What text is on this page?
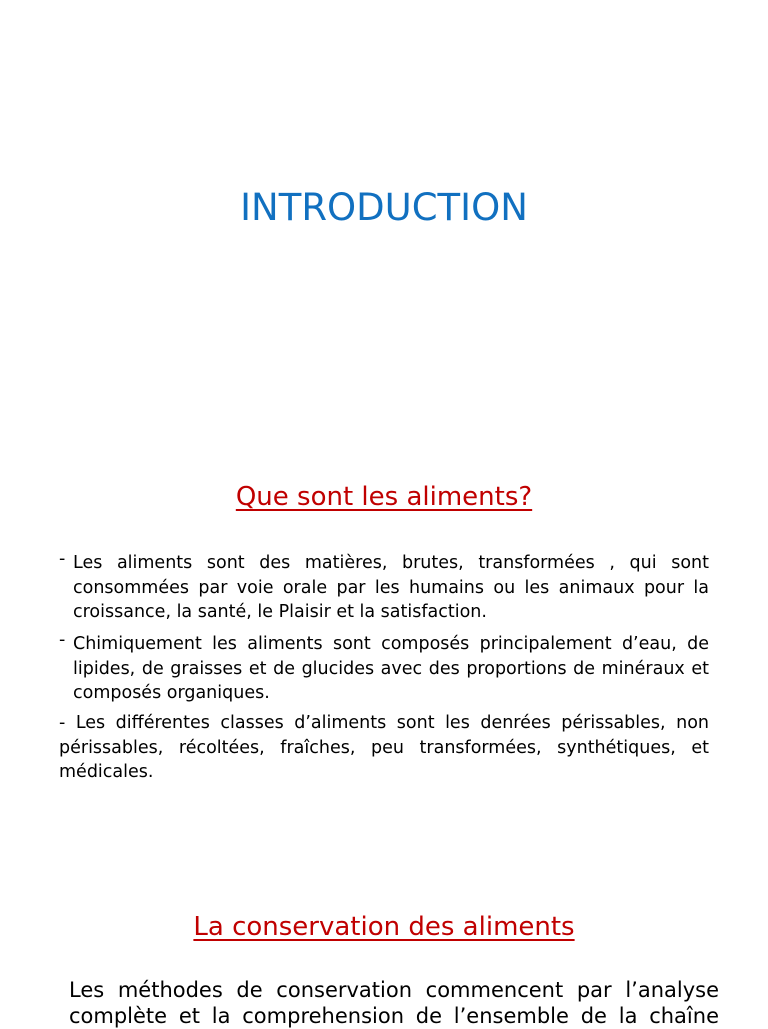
INTRODUCTION
Que sont les aliments?
- Les aliments sont des matières, brutes, transformées , qui sont consommées par voie orale par les humains ou les animaux pour la croissance, la santé, le Plaisir et la satisfaction.
- Chimiquement les aliments sont composés principalement d’eau, de lipides, de graisses et de glucides avec des proportions de minéraux et composés organiques.
- Les différentes classes d’aliments sont les denrées périssables, non périssables, récoltées, fraîches, peu transformées, synthétiques, et médicales.
La conservation des aliments
Les méthodes de conservation commencent par l’analyse
complète et la comprehension de l’ensemble de la chaîne
